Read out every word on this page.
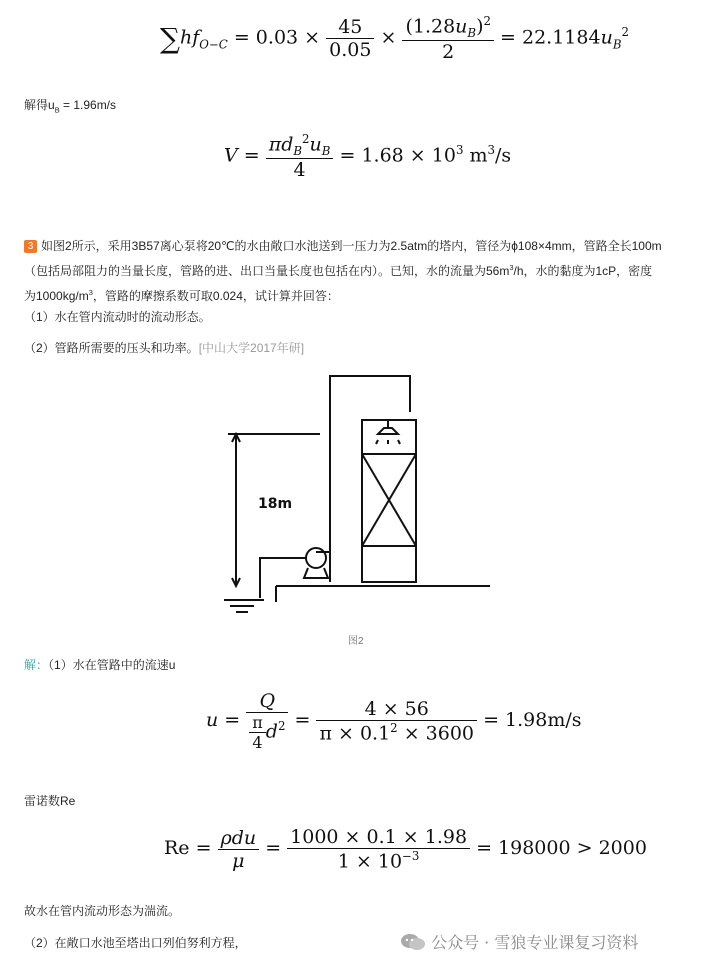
$\sum hf_{O-C} = 0.03 \times \frac{45}{0.05} \times \frac{(1.28u_B)^2}{2} = 22.1184u_B^2$
解得$u_B = 1.96m/s$
$V = \frac{\pi d_B^2u_B}{4} = 1.68 \times 10^3$ $m^3/s$
3 如图2所示，采用3B57离心泵将20℃的水由敞口水池送到一压力为2.5atm的塔内，管径为ϕ108×4mm，管路全长100m
（包括局部阻力的当量长度，管路的进、出口当量长度也包括在内）。已知，水的流量为$56m^3/h$，水的黏度为1cP，密度
为$1000kg/m^3$，管路的摩擦系数可取0.024，试计算并回答：
（1）水在管内流动时的流动形态。
（2）管路所需要的压头和功率。[中山大学2017年研]
18m
图2
解：（1）水在管路中的流速u
$u = \frac{Q}{\frac{\pi}{4} d^2} = \frac{4 \times 56}{\pi \times 0.1^2 \times 3600} = 1.98m/s$
雷诺数Re
$Re = \frac{\text{ρdu}}{\mu} = \frac{1000 \times 0.1 \times 1.98}{1 \times 10^{-3}} = 198000 > 2000$
故水在管内流动形态为湍流。
（2）在敞口水池至塔出口列伯努利方程，	公众号 · 雪狼专业课复习资料
